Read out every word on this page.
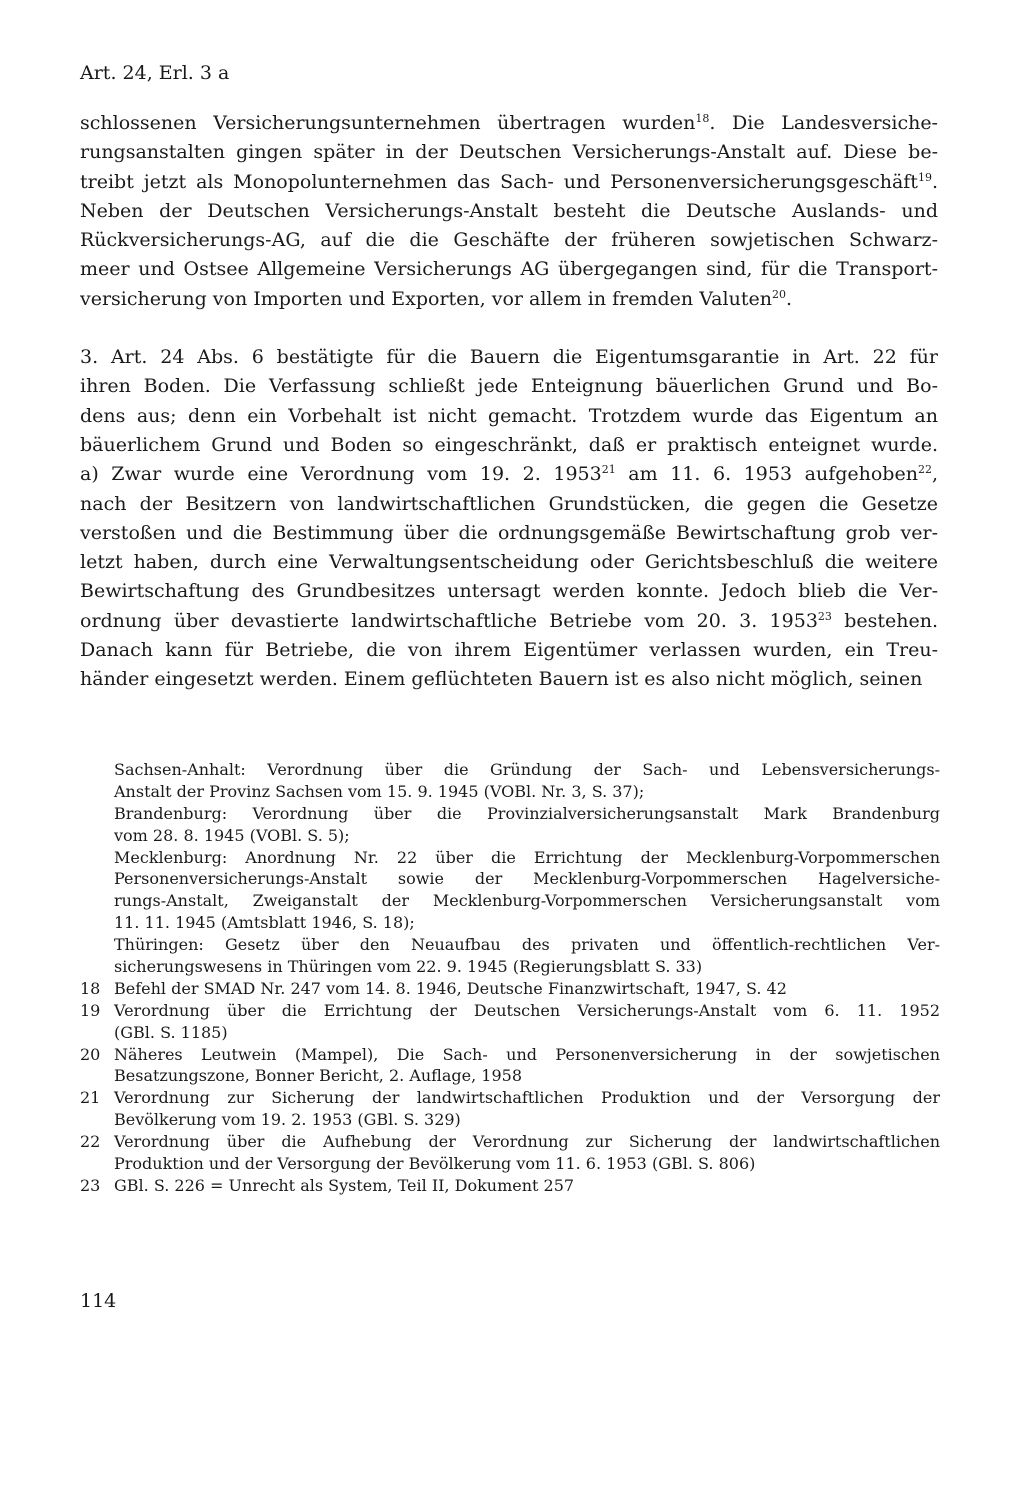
Art. 24, Erl. 3 a
schlossenen Versicherungsunternehmen übertragen wurden$^{18}$. Die Landesversiche-
rungsanstalten gingen später in der Deutschen Versicherungs-Anstalt auf. Diese be-
treibt jetzt als Monopolunternehmen das Sach- und Personenversicherungsgeschäft$^{19}$.
Neben der Deutschen Versicherungs-Anstalt besteht die Deutsche Auslands- und
Rückversicherungs-AG, auf die die Geschäfte der früheren sowjetischen Schwarz-
meer und Ostsee Allgemeine Versicherungs AG übergegangen sind, für die Transport-
versicherung von Importen und Exporten, vor allem in fremden Valuten$^{20}$.
3. Art. 24 Abs. 6 bestätigte für die Bauern die Eigentumsgarantie in Art. 22 für
ihren Boden. Die Verfassung schließt jede Enteignung bäuerlichen Grund und Bo-
dens aus; denn ein Vorbehalt ist nicht gemacht. Trotzdem wurde das Eigentum an
bäuerlichem Grund und Boden so eingeschränkt, daß er praktisch enteignet wurde.
a) Zwar wurde eine Verordnung vom 19. 2. 1953$^{21}$ am 11. 6. 1953 aufgehoben$^{22}$,
nach der Besitzern von landwirtschaftlichen Grundstücken, die gegen die Gesetze
verstoßen und die Bestimmung über die ordnungsgemäße Bewirtschaftung grob ver-
letzt haben, durch eine Verwaltungsentscheidung oder Gerichtsbeschluß die weitere
Bewirtschaftung des Grundbesitzes untersagt werden konnte. Jedoch blieb die Ver-
ordnung über devastierte landwirtschaftliche Betriebe vom 20. 3. 1953$^{23}$ bestehen.
Danach kann für Betriebe, die von ihrem Eigentümer verlassen wurden, ein Treu-
händer eingesetzt werden. Einem geflüchteten Bauern ist es also nicht möglich, seinen
Sachsen-Anhalt: Verordnung über die Gründung der Sach- und Lebensversicherungs-
Anstalt der Provinz Sachsen vom 15. 9. 1945 (VOBl. Nr. 3, S. 37);
Brandenburg: Verordnung über die Provinzialversicherungsanstalt Mark Brandenburg
vom 28. 8. 1945 (VOBl. S. 5);
Mecklenburg: Anordnung Nr. 22 über die Errichtung der Mecklenburg-Vorpommerschen
Personenversicherungs-Anstalt sowie der Mecklenburg-Vorpommerschen Hagelversiche-
rungs-Anstalt, Zweiganstalt der Mecklenburg-Vorpommerschen Versicherungsanstalt vom
11. 11. 1945 (Amtsblatt 1946, S. 18);
Thüringen: Gesetz über den Neuaufbau des privaten und öffentlich-rechtlichen Ver-
sicherungswesens in Thüringen vom 22. 9. 1945 (Regierungsblatt S. 33)
18 Befehl der SMAD Nr. 247 vom 14. 8. 1946, Deutsche Finanzwirtschaft, 1947, S. 42
19 Verordnung über die Errichtung der Deutschen Versicherungs-Anstalt vom 6. 11. 1952
(GBl. S. 1185)
20 Näheres Leutwein (Mampel), Die Sach- und Personenversicherung in der sowjetischen
Besatzungszone, Bonner Bericht, 2. Auflage, 1958
21 Verordnung zur Sicherung der landwirtschaftlichen Produktion und der Versorgung der
Bevölkerung vom 19. 2. 1953 (GBl. S. 329)
22 Verordnung über die Aufhebung der Verordnung zur Sicherung der landwirtschaftlichen
Produktion und der Versorgung der Bevölkerung vom 11. 6. 1953 (GBl. S. 806)
23 GBl. S. 226 = Unrecht als System, Teil II, Dokument 257
114
